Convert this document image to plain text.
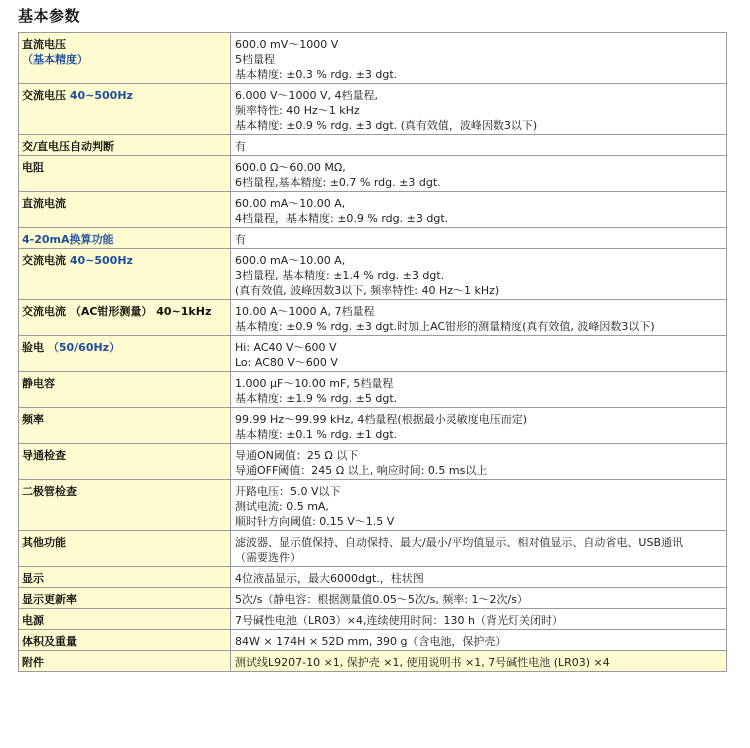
基本参数
直流电压
（基本精度）	600.0 mV～1000 V
5档量程
基本精度: ±0.3 % rdg. ±3 dgt.

交流电压 40~500Hz	6.000 V～1000 V, 4档量程,
频率特性: 40 Hz～1 kHz
基本精度: ±0.9 % rdg. ±3 dgt. (真有效值，波峰因数3以下)

交/直电压自动判断	有

电阻	600.0 Ω～60.00 MΩ,
6档量程,基本精度: ±0.7 % rdg. ±3 dgt.

直流电流	60.00 mA～10.00 A,
4档量程，基本精度: ±0.9 % rdg. ±3 dgt.

4-20mA换算功能	有

交流电流 40~500Hz	600.0 mA～10.00 A,
3档量程, 基本精度: ±1.4 % rdg. ±3 dgt.
(真有效值, 波峰因数3以下, 频率特性: 40 Hz～1 kHz)

交流电流 （AC钳形测量） 40~1kHz	10.00 A～1000 A, 7档量程
基本精度: ±0.9 % rdg. ±3 dgt.时加上AC钳形的测量精度(真有效值, 波峰因数3以下)

验电 （50/60Hz）	Hi: AC40 V～600 V
Lo: AC80 V～600 V

静电容	1.000 μF～10.00 mF, 5档量程
基本精度: ±1.9 % rdg. ±5 dgt.

频率	99.99 Hz～99.99 kHz, 4档量程(根据最小灵敏度电压而定)
基本精度: ±0.1 % rdg. ±1 dgt.

导通检查	导通ON阈值：25 Ω 以下
导通OFF阈值：245 Ω 以上, 响应时间: 0.5 ms以上

二极管检查	开路电压：5.0 V以下
测试电流: 0.5 mA,
顺时针方向阈值: 0.15 V～1.5 V

其他功能	滤波器、显示值保持、自动保持、最大/最小/平均值显示、相对值显示、自动省电、USB通讯
（需要选件）

显示	4位液晶显示，最大6000dgt.，柱状图

显示更新率	5次/s（静电容：根据测量值0.05～5次/s, 频率: 1～2次/s）

电源	7号碱性电池（LR03）×4,连续使用时间：130 h（背光灯关闭时）

体积及重量	84W × 174H × 52D mm, 390 g（含电池，保护壳）

附件	测试线L9207-10 ×1, 保护壳 ×1, 使用说明书 ×1, 7号碱性电池 (LR03) ×4
